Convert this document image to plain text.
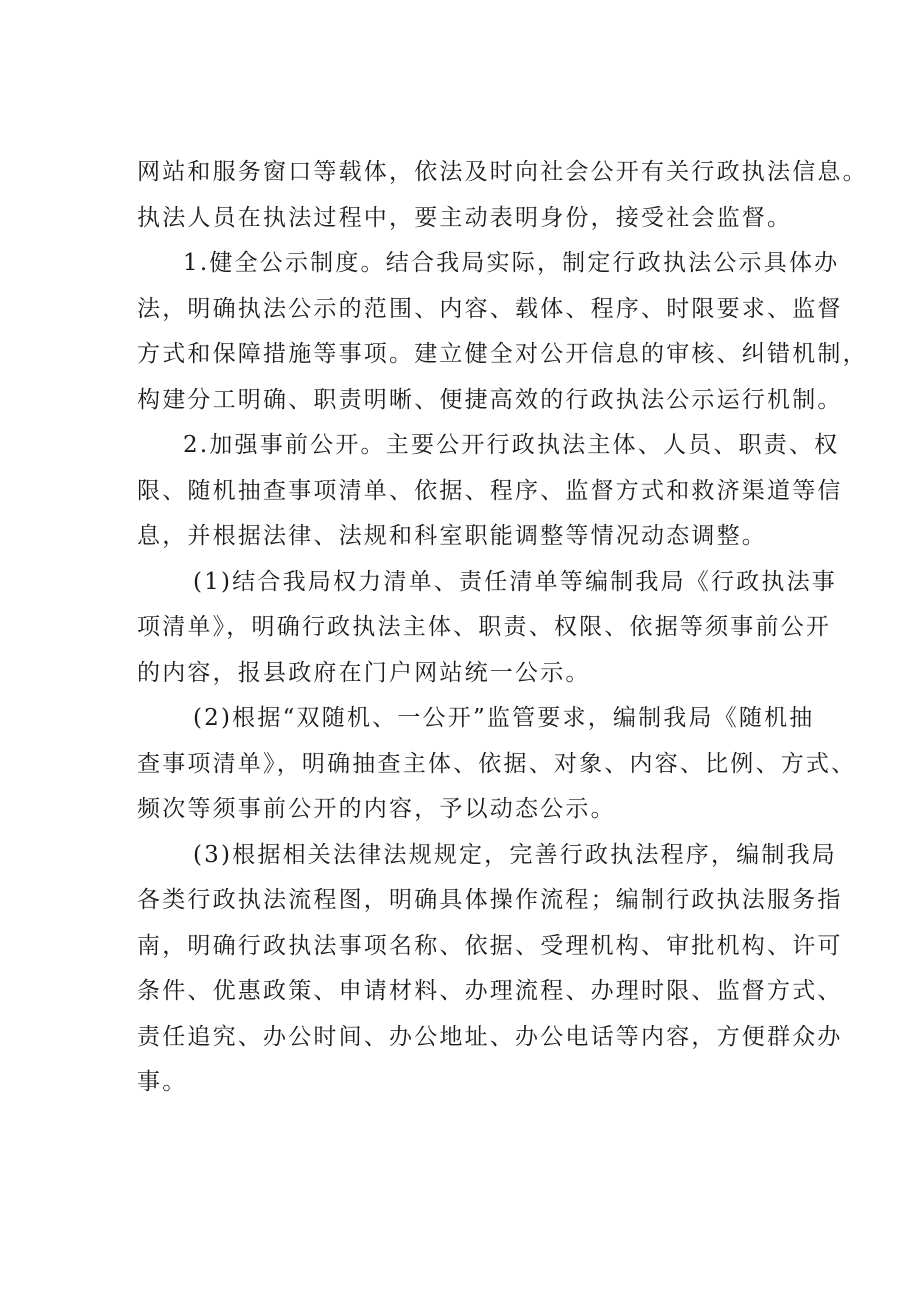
网站和服务窗口等载体，依法及时向社会公开有关行政执法信息。
执法人员在执法过程中，要主动表明身份，接受社会监督。

1.健全公示制度。结合我局实际，制定行政执法公示具体办
法，明确执法公示的范围、内容、载体、程序、时限要求、监督
方式和保障措施等事项。建立健全对公开信息的审核、纠错机制，
构建分工明确、职责明晰、便捷高效的行政执法公示运行机制。

2.加强事前公开。主要公开行政执法主体、人员、职责、权
限、随机抽查事项清单、依据、程序、监督方式和救济渠道等信
息，并根据法律、法规和科室职能调整等情况动态调整。

(1)结合我局权力清单、责任清单等编制我局《行政执法事
项清单》，明确行政执法主体、职责、权限、依据等须事前公开
的内容，报县政府在门户网站统一公示。

(2)根据“双随机、一公开”监管要求，编制我局《随机抽
查事项清单》，明确抽查主体、依据、对象、内容、比例、方式、
频次等须事前公开的内容，予以动态公示。

(3)根据相关法律法规规定，完善行政执法程序，编制我局
各类行政执法流程图，明确具体操作流程；编制行政执法服务指
南，明确行政执法事项名称、依据、受理机构、审批机构、许可
条件、优惠政策、申请材料、办理流程、办理时限、监督方式、
责任追究、办公时间、办公地址、办公电话等内容，方便群众办
事。
